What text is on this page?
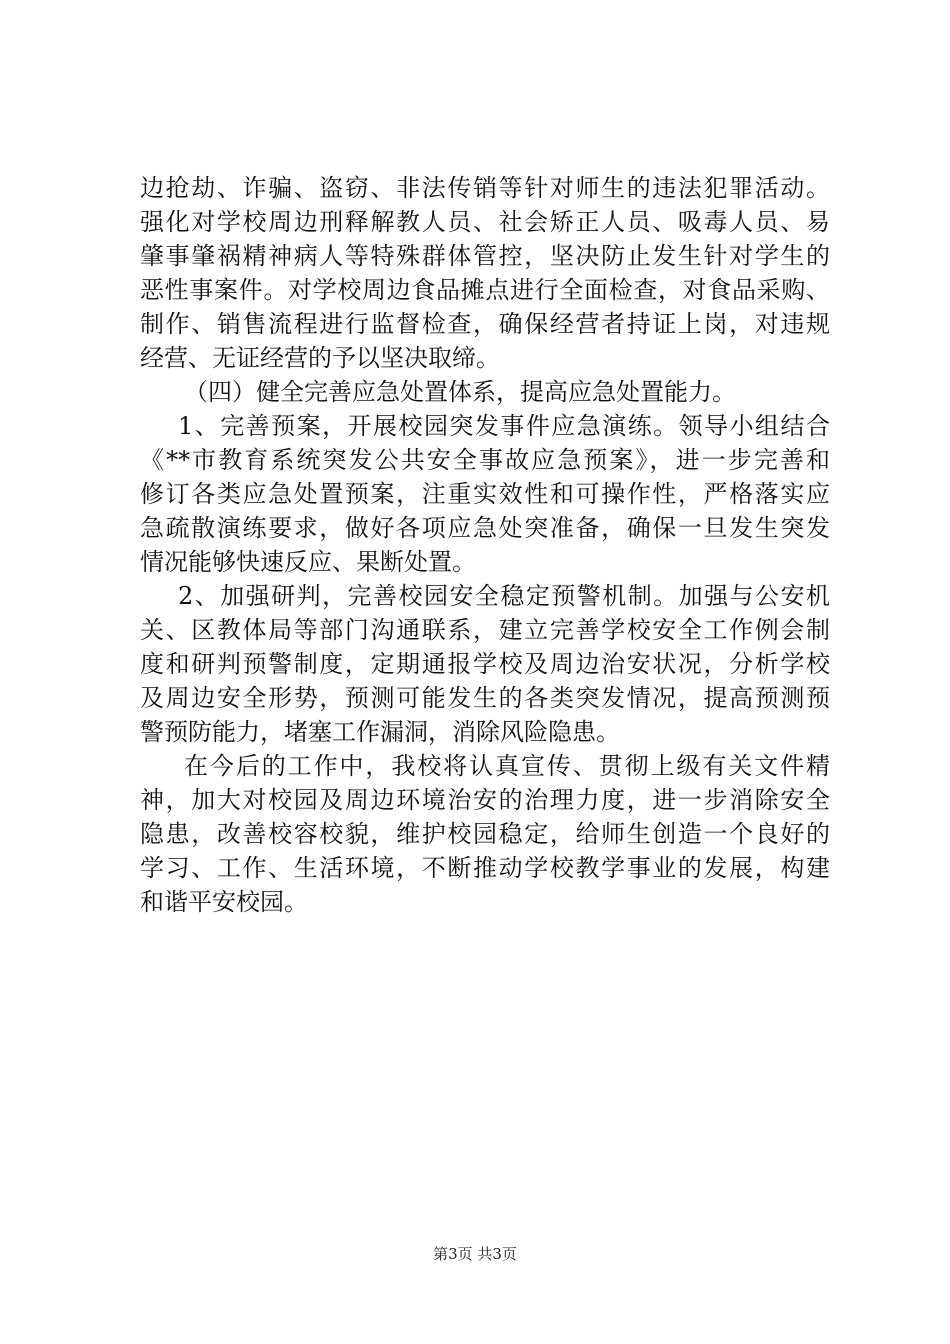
边抢劫、诈骗、盗窃、非法传销等针对师生的违法犯罪活动。
强化对学校周边刑释解教人员、社会矫正人员、吸毒人员、易
肇事肇祸精神病人等特殊群体管控，坚决防止发生针对学生的
恶性事案件。对学校周边食品摊点进行全面检查，对食品采购、
制作、销售流程进行监督检查，确保经营者持证上岗，对违规
经营、无证经营的予以坚决取缔。
（四）健全完善应急处置体系，提高应急处置能力。
1、完善预案，开展校园突发事件应急演练。领导小组结合
《**市教育系统突发公共安全事故应急预案》，进一步完善和
修订各类应急处置预案，注重实效性和可操作性，严格落实应
急疏散演练要求，做好各项应急处突准备，确保一旦发生突发
情况能够快速反应、果断处置。
2、加强研判，完善校园安全稳定预警机制。加强与公安机
关、区教体局等部门沟通联系，建立完善学校安全工作例会制
度和研判预警制度，定期通报学校及周边治安状况，分析学校
及周边安全形势，预测可能发生的各类突发情况，提高预测预
警预防能力，堵塞工作漏洞，消除风险隐患。
在今后的工作中，我校将认真宣传、贯彻上级有关文件精
神，加大对校园及周边环境治安的治理力度，进一步消除安全
隐患，改善校容校貌，维护校园稳定，给师生创造一个良好的
学习、工作、生活环境，不断推动学校教学事业的发展，构建
和谐平安校园。
第3页 共3页
